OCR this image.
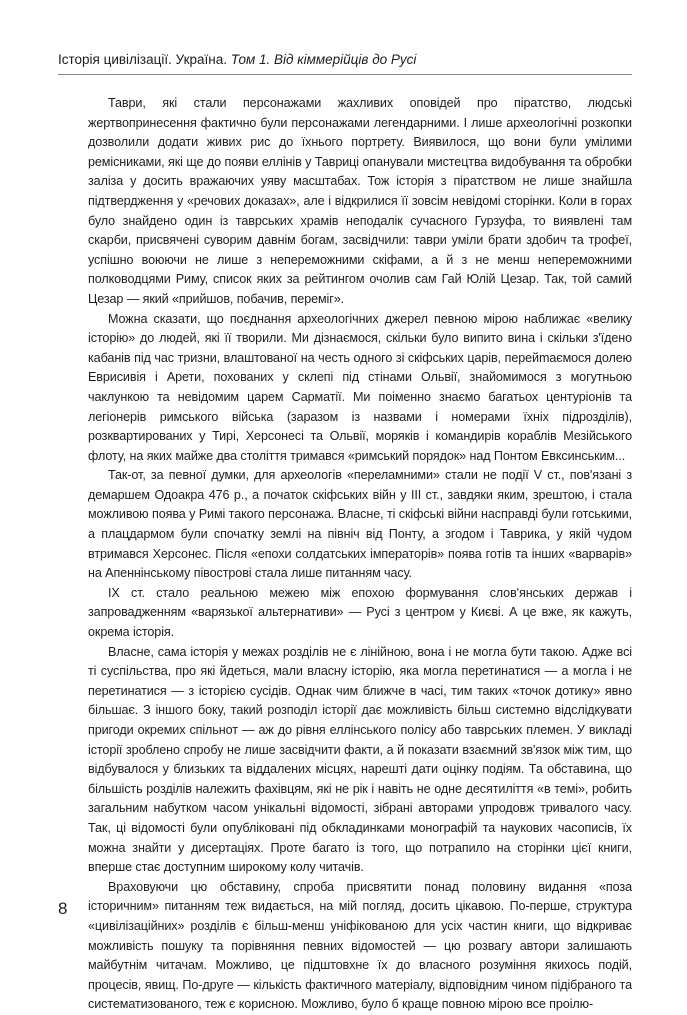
Історія цивілізації. Україна. Том 1. Від кіммерійців до Русі

Таври, які стали персонажами жахливих оповідей про піратство, людські жертвопринесення фактично були персонажами легендарними. І лише археологічні розкопки дозволили додати живих рис до їхнього портрету. Виявилося, що вони були умілими ремісниками, які ще до появи еллінів у Тавриці опанували мистецтва видобування та обробки заліза у досить вражаючих уяву масштабах. Тож історія з піратством не лише знайшла підтвердження у «речових доказах», але і відкрилися її зовсім невідомі сторінки. Коли в горах було знайдено один із таврських храмів неподалік сучасного Гурзуфа, то виявлені там скарби, присвячені суворим давнім богам, засвідчили: таври уміли брати здобич та трофеї, успішно воюючи не лише з непереможними скіфами, а й з не менш непереможними полководцями Риму, список яких за рейтингом очолив сам Гай Юлій Цезар. Так, той самий Цезар — який «прийшов, побачив, переміг».

Можна сказати, що поєднання археологічних джерел певною мірою наближає «велику історію» до людей, які її творили. Ми дізнаємося, скільки було випито вина і скільки з'їдено кабанів під час тризни, влаштованої на честь одного зі скіфських царів, перейmaємося долею Еврисивія і Арети, похованих у склепі під стінами Ольвії, знайомимося з могутньою чаклункою та невідомим царем Сарматії. Ми поіменно знаємо багатьох центуріонів та легіонерів римського війська (заразом із назвами і номерами їхніх підрозділів), розквартированих у Тирі, Херсонесі та Ольвії, моряків і командирів кораблів Мезійського флоту, на яких майже два століття тримався «римський порядок» над Понтом Евксинським...

Так-от, за певної думки, для археологів «переламними» стали не події V ст., пов'язані з демаршем Одоакра 476 р., а початок скіфських війн у ІІІ ст., завдяки яким, зрештою, і стала можливою поява у Римі такого персонажа. Власне, ті скіфські війни насправді були готськими, а плацдармом були спочатку землі на північ від Понту, а згодом і Таврика, у якій чудом втримався Херсонес. Після «епохи солдатських імператорів» поява готів та інших «варварів» на Апеннінському півострові стала лише питанням часу.

ІХ ст. стало реальною межею між епохою формування слов'янських держав і запровадженням «варязької альтернативи» — Русі з центром у Києві. А це вже, як кажуть, окрема історія.

Власне, сама історія у межах розділів не є лінійною, вона і не могла бути такою. Адже всі ті суспільства, про які йдеться, мали власну історію, яка могла перетинатися — а могла і не перетинатися — з історією сусідів. Однак чим ближче в часі, тим таких «точок дотику» явно більшає. З іншого боку, такий розподіл історії дає можливість більш системно відслідкувати пригоди окремих спільнот — аж до рівня еллінського полісу або таврських племен. У викладі історії зроблено спробу не лише засвідчити факти, а й показати взаємний зв'язок між тим, що відбувалося у близьких та віддалених місцях, нарешті дати оцінку подіям. Та обставина, що більшість розділів належить фахівцям, які не рік і навіть не одне десятиліття «в темі», робить загальним набутком часом унікальні відомості, зібрані авторами упродовж тривалого часу. Так, ці відомості були опубліковані під обкладинками монографій та наукових часописів, їх можна знайти у дисертаціях. Проте багато із того, що потрапило на сторінки цієї книги, вперше стає доступним широкому колу читачів.

Враховуючи цю обставину, спроба присвятити понад половину видання «поза історичним» питанням теж видається, на мій погляд, досить цікавою. По-перше, структура «цивілізаційних» розділів є більш-менш уніфікованою для усіх частин книги, що відкриває можливість пошуку та порівняння певних відомостей — цю розвагу автори залишають майбутнім читачам. Можливо, це підштовхне їх до власного розуміння якихось подій, процесів, явищ. По-друге — кількість фактичного матеріалу, відповідним чином підібраного та систематизованого, теж є корисною. Можливо, було б краще повною мірою все проілю-

8
